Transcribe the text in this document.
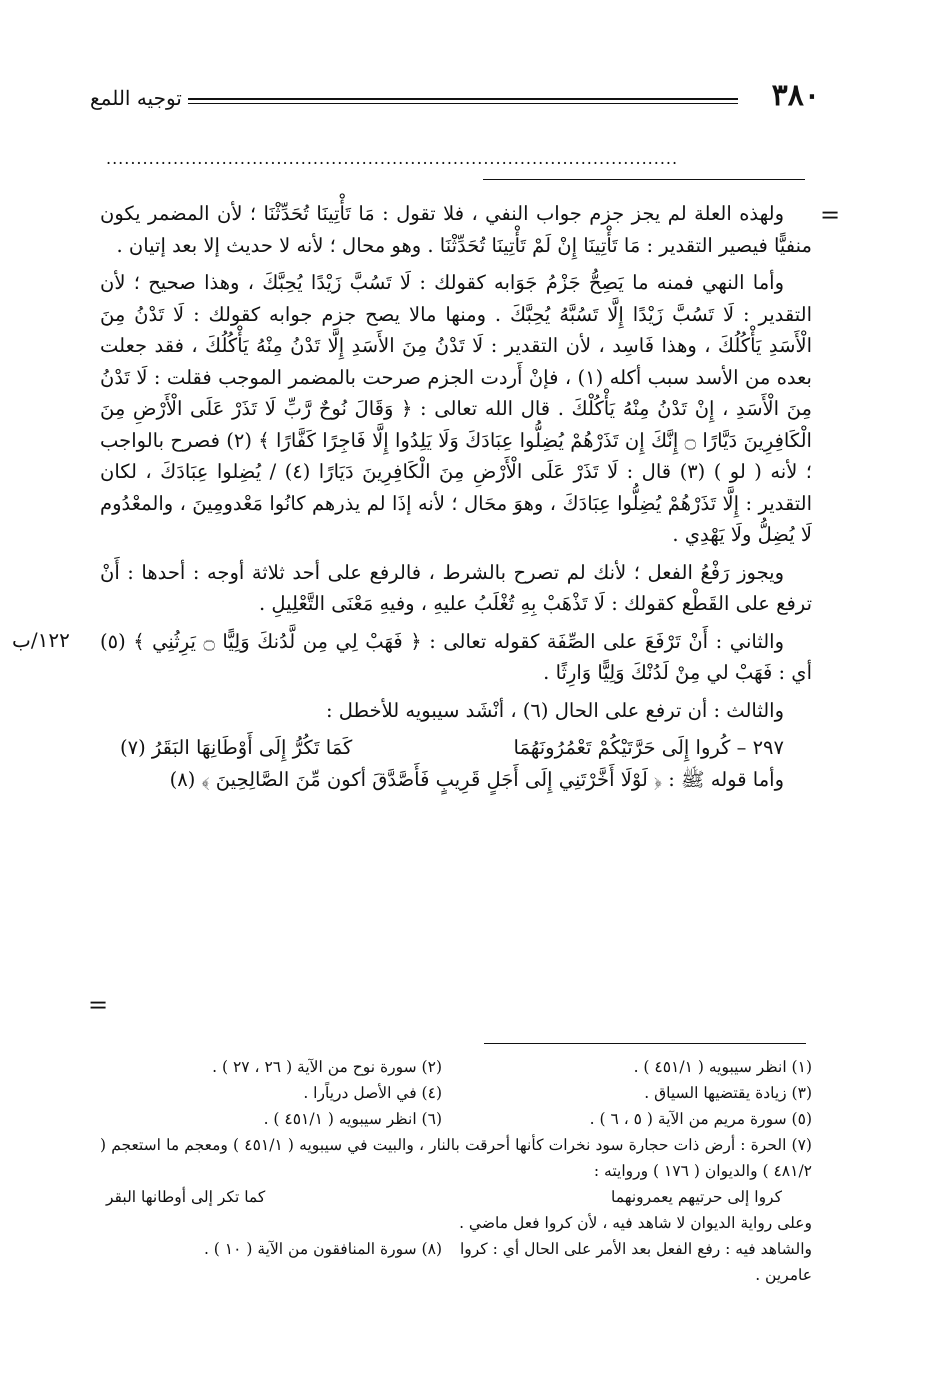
٣٨٠
توجيه اللمع
..............................................................................................
=
=
١٢٢/ب

ولهذه العلة لم يجز جزم جواب النفي ، فلا تقول : مَا تَأْتِينَا تُحَدِّثْنَا ؛ لأن المضمر يكون منفيًّا فيصير التقدير : مَا تَأْتِينَا إِنْ لَمْ تَأْتِينَا تُحَدِّثْنَا . وهو محال ؛ لأنه لا حديث إلا بعد إتيان .

وأما النهي فمنه ما يَصِحُّ جَزْمُ جَوَابه كقولك : لَا تَسُبَّ زَيْدًا يُحِبَّكَ ، وهذا صحيح ؛ لأن التقدير : لَا تَسُبَّ زَيْدًا إِلَّا تَسُبَّهُ يُحِبَّكَ . ومنها مالا يصح جزم جوابه كقولك : لَا تَدْنُ مِنَ الْأَسَدِ يَأْكُلُكَ ، وهذا فَاسِد ، لأن التقدير : لَا تَدْنُ مِنَ الأَسَدِ إِلَّا تَدْنُ مِنْهُ يَأْكُلُكَ ، فقد جعلت بعده من الأسد سبب أكله (١) ، فإنْ أَردت الجزم صرحت بالمضمر الموجب فقلت : لَا تَدْنُ مِنَ الْأَسَدِ ، إِنْ تَدْنُ مِنْهُ يَأْكُلْكَ . قال الله تعالى : ﴿ وَقَالَ نُوحٌ رَّبِّ لَا تَذَرْ عَلَى الْأَرْضِ مِنَ الْكَافِرِينَ دَيَّارًا ۝ إِنَّكَ إِن تَذَرْهُمْ يُضِلُّوا عِبَادَكَ وَلَا يَلِدُوا إِلَّا فَاجِرًا كَفَّارًا ﴾ (٢) فصرح بالواجب ؛ لأنه ( لو ) (٣) قال : لَا تَذَرْ عَلَى الْأَرْضِ مِنَ الْكَافِرِينَ دَيَارًا (٤) / يُضِلوا عِبَادَكَ ، لكان التقدير : إِلَّا تَذَرْهُمْ يُضِلُّوا عِبَادَكَ ، وهوَ محَال ؛ لأنه إذَا لم يذرهم كانُوا مَعْدومِينَ ، والمعْدُوم لَا يُضِلُّ ولَا يَهْدِي .

ويجوز رَفْعُ الفعل ؛ لأنك لم تصرح بالشرط ، فالرفع على أحد ثلاثة أوجه : أحدها : أَنْ ترفع على القَطْع كقولك : لَا تَذْهَبْ بِهِ تُغْلَبُ عليهِ ، وفيهِ مَعْنَى التَّعْلِيلِ .

والثاني : أَنْ تَرْفَعَ على الصِّفَة كقوله تعالى : ﴿ فَهَبْ لِي مِن لَّدُنكَ وَلِيًّا ۝ يَرِثُنِي ﴾ (٥) أي : فَهَبْ لي مِنْ لَدُنْكَ وَلِيًّا وَارِثًا .

والثالث : أن ترفع على الحال (٦) ، أنْشَد سيبويه للأخطل :

٢٩٧ – كُروا إِلَى حَرَّتَيْكُمْ تَعْمُرُونَهُمَا
كَمَا تَكُرُّ إِلَى أَوْطَانِهَا البَقَرُ (٧)

وأما قوله ﷺ : ﴿ لَوْلَا أَخَّرْتَنِي إِلَى أَجَلٍ قَرِيبٍ فَأَصَّدَّقَ أكون مِّنَ الصَّالِحِينَ ﴾ (٨)

(١) انظر سيبويه ( ٤٥١/١ ) .
(٢) سورة نوح من الآية ( ٢٦ ، ٢٧ ) .
(٣) زيادة يقتضيها السياق .
(٤) في الأصل درياًرا .
(٥) سورة مريم من الآية ( ٥ ، ٦ ) .
(٦) انظر سيبويه ( ٤٥١/١ ) .
(٧) الحرة : أرض ذات حجارة سود نخرات كأنها أحرقت بالنار ، والبيت في سيبويه ( ٤٥١/١ ) ومعجم ما استعجم ( ٤٨١/٢ ) والديوان ( ١٧٦ ) وروايته :
كروا إلى حرتيهم يعمرونهما
كما تكر إلى أوطانها البقر
وعلى رواية الديوان لا شاهد فيه ، لأن كروا فعل ماضي .
والشاهد فيه : رفع الفعل بعد الأمر على الحال أي : كروا عامرين .
(٨) سورة المنافقون من الآية ( ١٠ ) .
